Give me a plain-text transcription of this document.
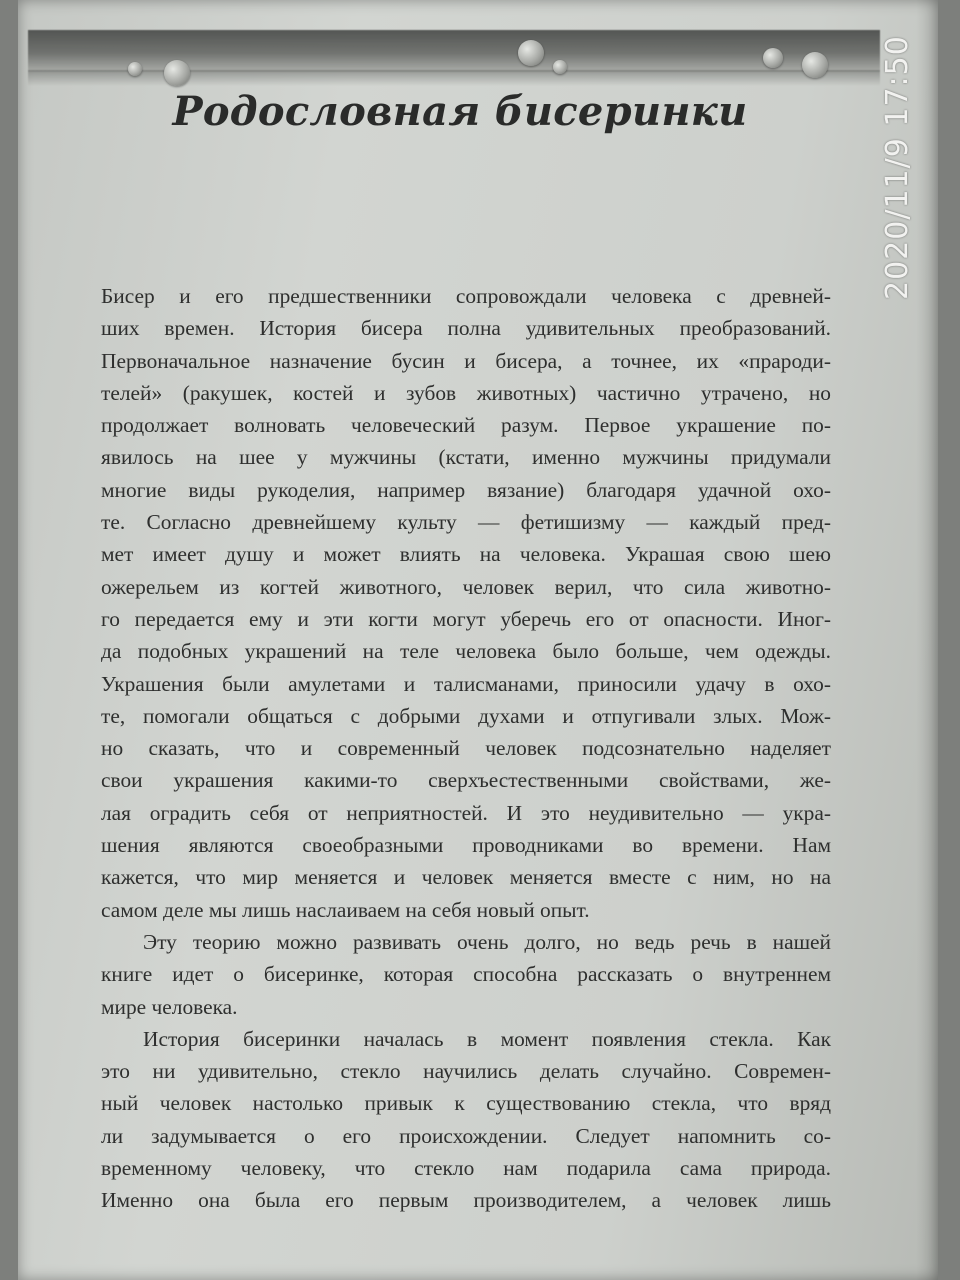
Родословная бисеринки
Бисер и его предшественники сопровождали человека с древней-
ших времен. История бисера полна удивительных преобразований.
Первоначальное назначение бусин и бисера, а точнее, их «прароди-
телей» (ракушек, костей и зубов животных) частично утрачено, но
продолжает волновать человеческий разум. Первое украшение по-
явилось на шее у мужчины (кстати, именно мужчины придумали
многие виды рукоделия, например вязание) благодаря удачной охо-
те. Согласно древнейшему культу — фетишизму — каждый пред-
мет имеет душу и может влиять на человека. Украшая свою шею
ожерельем из когтей животного, человек верил, что сила животно-
го передается ему и эти когти могут уберечь его от опасности. Иног-
да подобных украшений на теле человека было больше, чем одежды.
Украшения были амулетами и талисманами, приносили удачу в охо-
те, помогали общаться с добрыми духами и отпугивали злых. Мож-
но сказать, что и современный человек подсознательно наделяет
свои украшения какими-то сверхъестественными свойствами, же-
лая оградить себя от неприятностей. И это неудивительно — укра-
шения являются своеобразными проводниками во времени. Нам
кажется, что мир меняется и человек меняется вместе с ним, но на
самом деле мы лишь наслаиваем на себя новый опыт.
Эту теорию можно развивать очень долго, но ведь речь в нашей
книге идет о бисеринке, которая способна рассказать о внутреннем
мире человека.
История бисеринки началась в момент появления стекла. Как
это ни удивительно, стекло научились делать случайно. Современ-
ный человек настолько привык к существованию стекла, что вряд
ли задумывается о его происхождении. Следует напомнить со-
временному человеку, что стекло нам подарила сама природа.
Именно она была его первым производителем, а человек лишь
2020/11/9 17:50
